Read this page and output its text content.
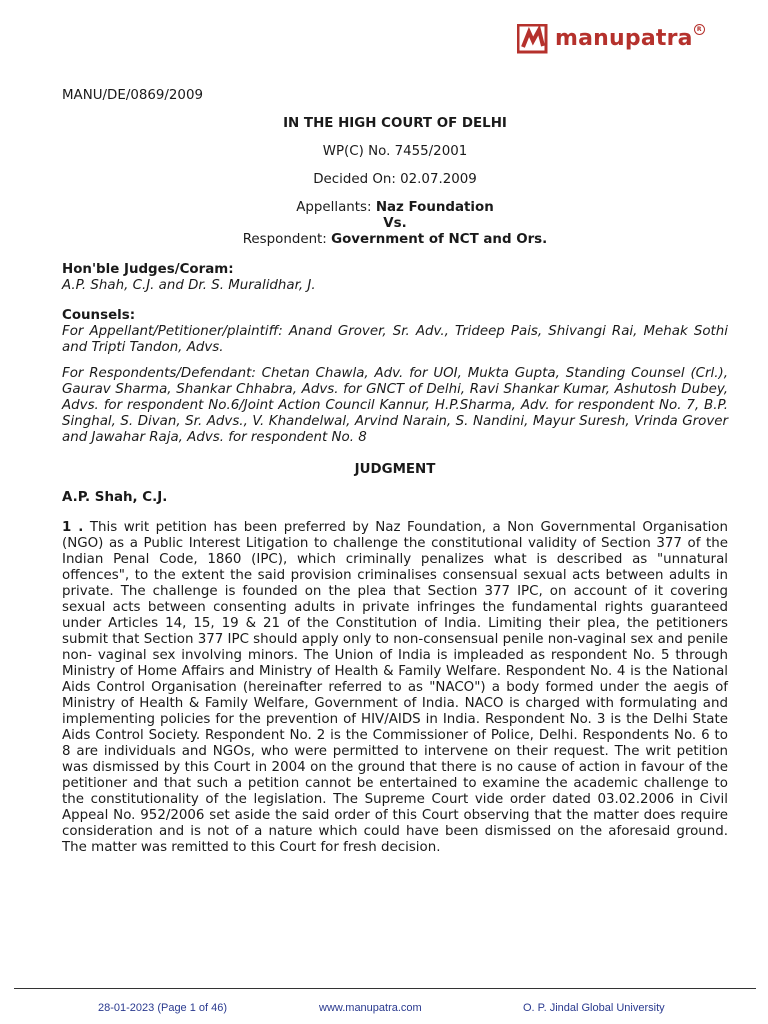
manupatra R
MANU/DE/0869/2009
IN THE HIGH COURT OF DELHI
WP(C) No. 7455/2001
Decided On: 02.07.2009
Appellants: Naz Foundation
Vs.
Respondent: Government of NCT and Ors.
Hon'ble Judges/Coram:
A.P. Shah, C.J. and Dr. S. Muralidhar, J.
Counsels:
For Appellant/Petitioner/plaintiff: Anand Grover, Sr. Adv., Trideep Pais, Shivangi Rai, Mehak Sothi and Tripti Tandon, Advs.
For Respondents/Defendant: Chetan Chawla, Adv. for UOI, Mukta Gupta, Standing Counsel (Crl.), Gaurav Sharma, Shankar Chhabra, Advs. for GNCT of Delhi, Ravi Shankar Kumar, Ashutosh Dubey, Advs. for respondent No.6/Joint Action Council Kannur, H.P.Sharma, Adv. for respondent No. 7, B.P. Singhal, S. Divan, Sr. Advs., V. Khandelwal, Arvind Narain, S. Nandini, Mayur Suresh, Vrinda Grover and Jawahar Raja, Advs. for respondent No. 8
JUDGMENT
A.P. Shah, C.J.
1 . This writ petition has been preferred by Naz Foundation, a Non Governmental Organisation (NGO) as a Public Interest Litigation to challenge the constitutional validity of Section 377 of the Indian Penal Code, 1860 (IPC), which criminally penalizes what is described as "unnatural offences", to the extent the said provision criminalises consensual sexual acts between adults in private. The challenge is founded on the plea that Section 377 IPC, on account of it covering sexual acts between consenting adults in private infringes the fundamental rights guaranteed under Articles 14, 15, 19 & 21 of the Constitution of India. Limiting their plea, the petitioners submit that Section 377 IPC should apply only to non-consensual penile non-vaginal sex and penile non- vaginal sex involving minors. The Union of India is impleaded as respondent No. 5 through Ministry of Home Affairs and Ministry of Health & Family Welfare. Respondent No. 4 is the National Aids Control Organisation (hereinafter referred to as "NACO") a body formed under the aegis of Ministry of Health & Family Welfare, Government of India. NACO is charged with formulating and implementing policies for the prevention of HIV/AIDS in India. Respondent No. 3 is the Delhi State Aids Control Society. Respondent No. 2 is the Commissioner of Police, Delhi. Respondents No. 6 to 8 are individuals and NGOs, who were permitted to intervene on their request. The writ petition was dismissed by this Court in 2004 on the ground that there is no cause of action in favour of the petitioner and that such a petition cannot be entertained to examine the academic challenge to the constitutionality of the legislation. The Supreme Court vide order dated 03.02.2006 in Civil Appeal No. 952/2006 set aside the said order of this Court observing that the matter does require consideration and is not of a nature which could have been dismissed on the aforesaid ground. The matter was remitted to this Court for fresh decision.
28-01-2023 (Page 1 of 46)	www.manupatra.com	O. P. Jindal Global University
